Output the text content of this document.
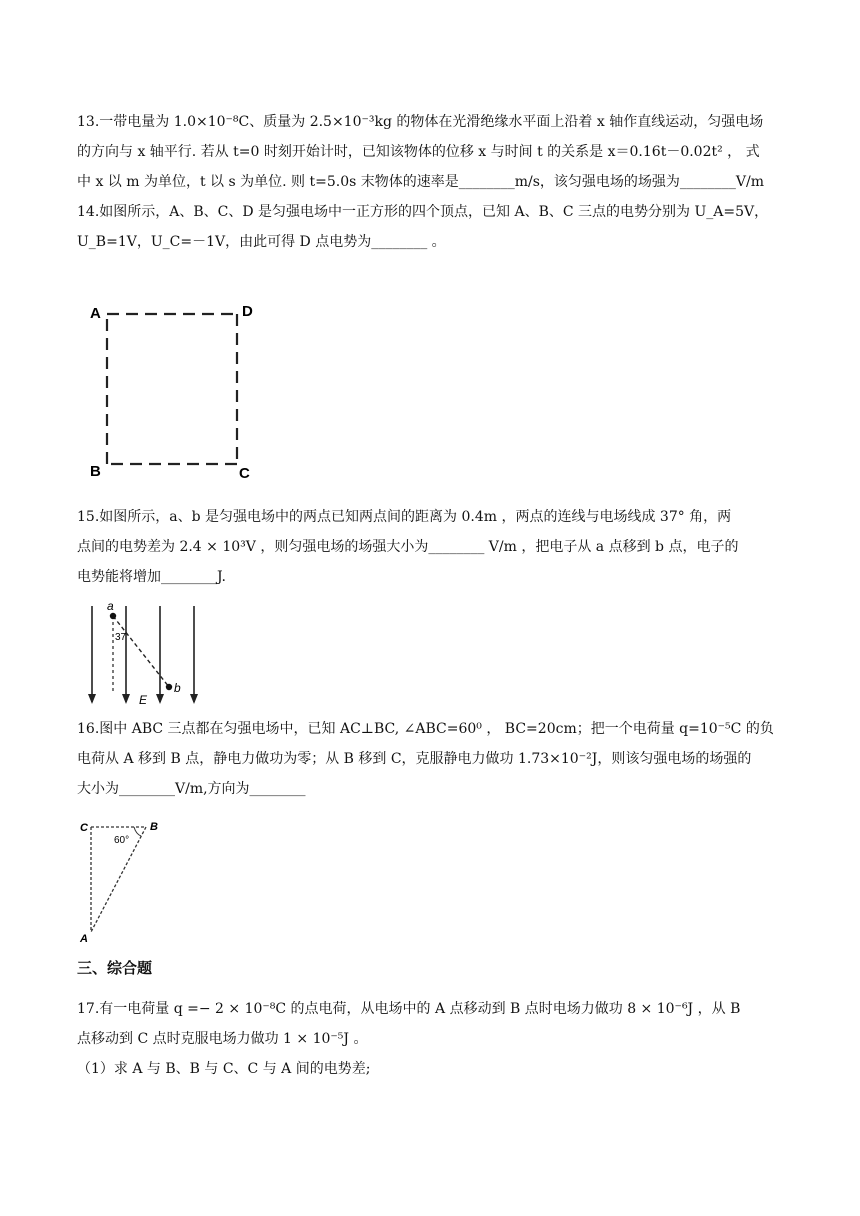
13.一带电量为 1.0×10⁻⁸C、质量为 2.5×10⁻³kg 的物体在光滑绝缘水平面上沿着 x 轴作直线运动，匀强电场
的方向与 x 轴平行. 若从 t=0 时刻开始计时，已知该物体的位移 x 与时间 t 的关系是 x＝0.16t－0.02t² ， 式
中 x 以 m 为单位，t 以 s 为单位. 则 t=5.0s 末物体的速率是________m/s，该匀强电场的场强为________V/m
14.如图所示，A、B、C、D 是匀强电场中一正方形的四个顶点，已知 A、B、C 三点的电势分别为 U_A=5V，
U_B=1V，U_C=－1V，由此可得 D 点电势为________ 。
A	D
B	C
15.如图所示，a、b 是匀强电场中的两点已知两点间的距离为 0.4m ，两点的连线与电场线成 37° 角，两
点间的电势差为 2.4 × 10³V ，则匀强电场的场强大小为________ V/m ，把电子从 a 点移到 b 点，电子的
电势能将增加________J.
a
b
37
E
16.图中 ABC 三点都在匀强电场中，已知 AC⊥BC, ∠ABC=60⁰ ， BC=20cm；把一个电荷量 q=10⁻⁵C 的负
电荷从 A 移到 B 点，静电力做功为零；从 B 移到 C，克服静电力做功 1.73×10⁻²J，则该匀强电场的场强的
大小为________V/m,方向为________
C	B
A
60°
三、综合题
17.有一电荷量 q =− 2 × 10⁻⁸C 的点电荷，从电场中的 A 点移动到 B 点时电场力做功 8 × 10⁻⁶J ，从 B
点移动到 C 点时克服电场力做功 1 × 10⁻⁵J 。
（1）求 A 与 B、B 与 C、C 与 A 间的电势差;
